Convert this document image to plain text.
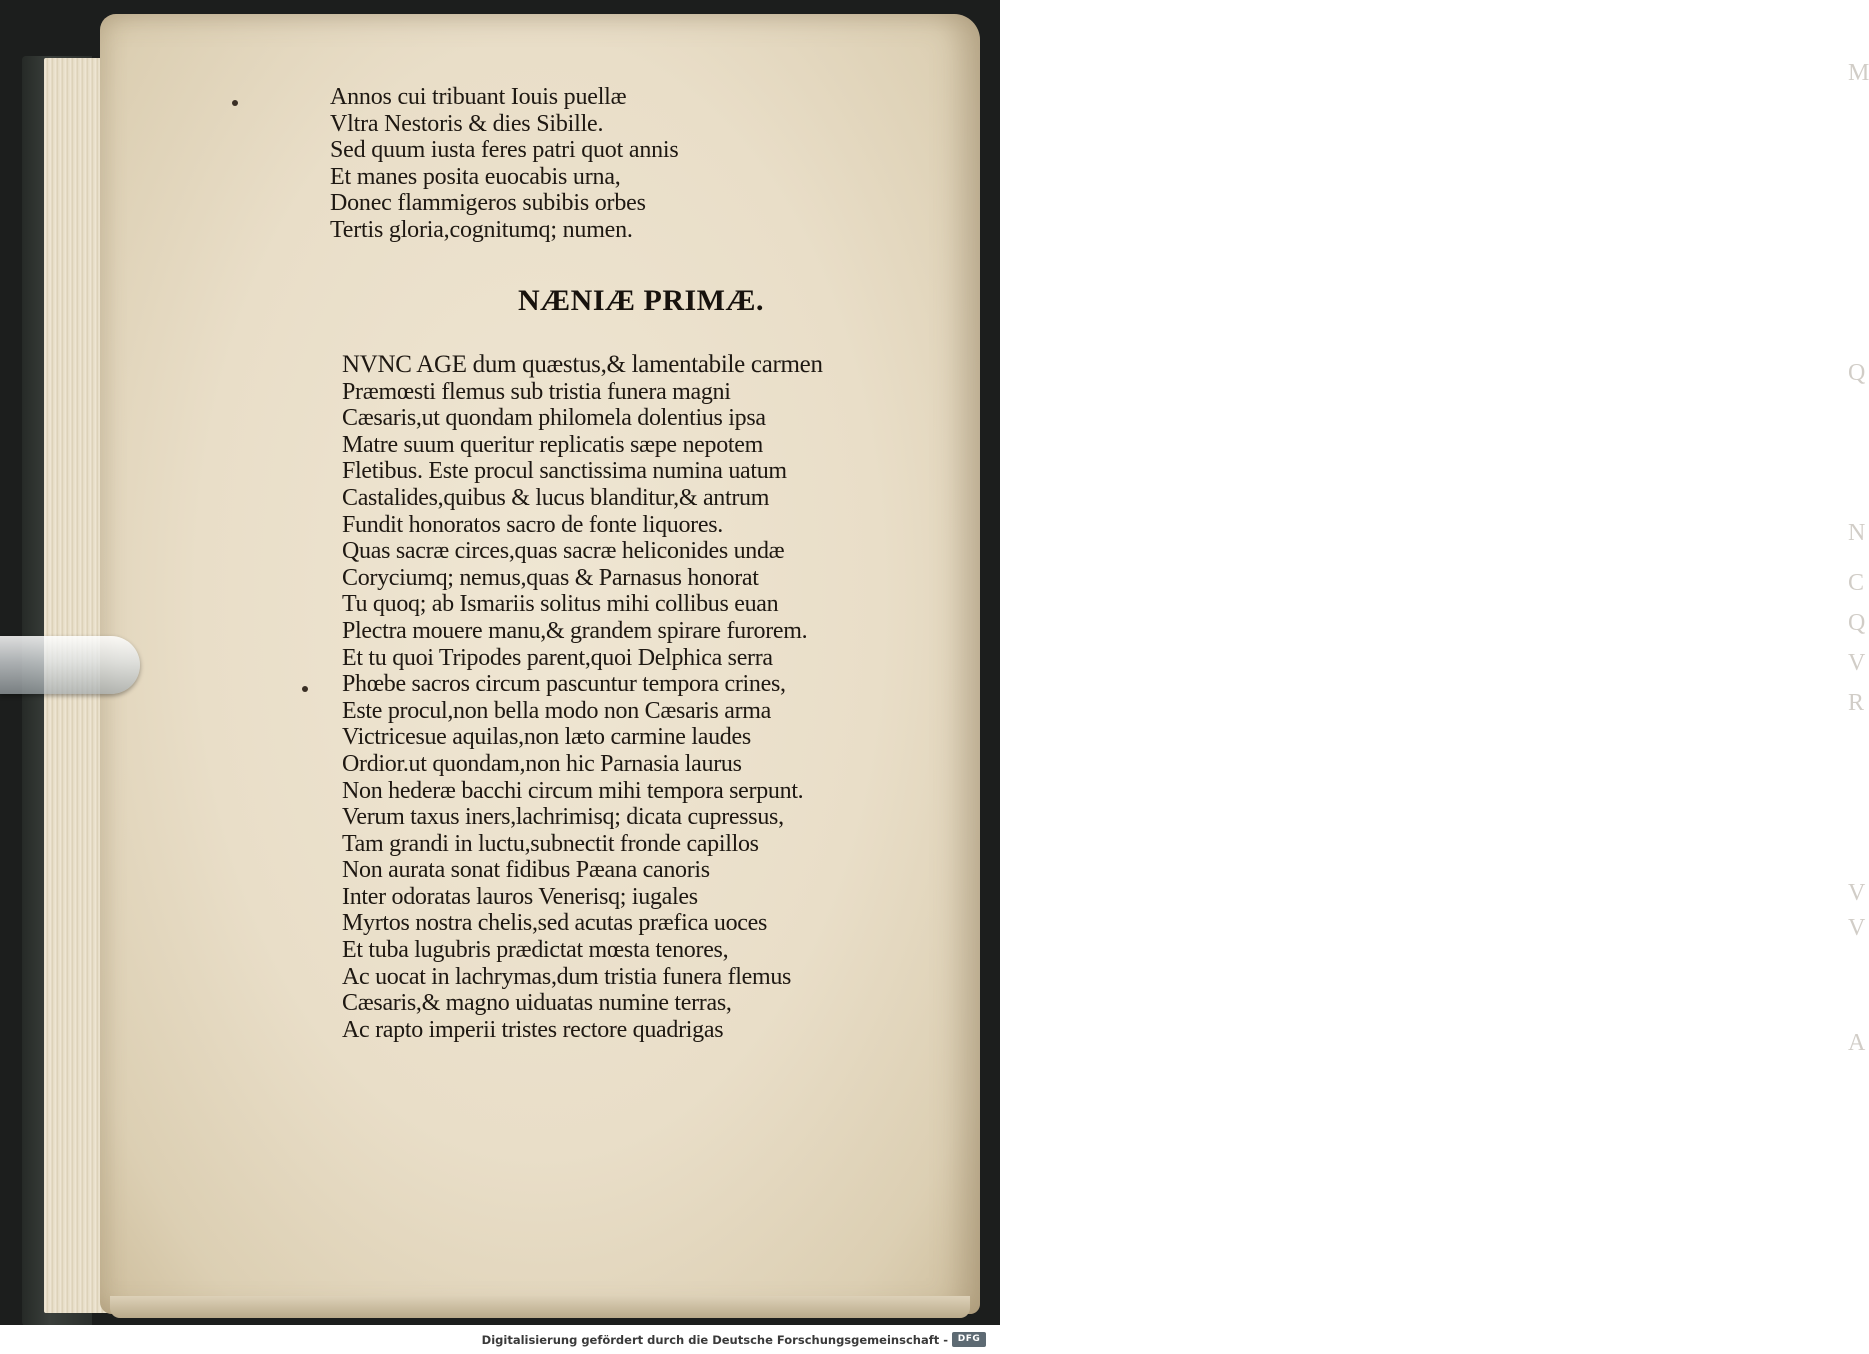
M
Q
N
C
Q
V
R
V
V
A
Annos cui tribuant Iouis puellæ
Vltra Nestoris & dies Sibille.
Sed quum iusta feres patri quot annis
Et manes posita euocabis urna,
Donec flammigeros subibis orbes
Tertis gloria,cognitumq; numen.
NÆNIÆ PRIMÆ.
NVNC AGE dum quæstus,& lamentabile carmen
Præmœsti flemus sub tristia funera magni
Cæsaris,ut quondam philomela dolentius ipsa
Matre suum queritur replicatis sæpe nepotem
Fletibus. Este procul sanctissima numina uatum
Castalides,quibus & lucus blanditur,& antrum
Fundit honoratos sacro de fonte liquores.
Quas sacræ circes,quas sacræ heliconides undæ
Coryciumq; nemus,quas & Parnasus honorat
Tu quoq; ab Ismariis solitus mihi collibus euan
Plectra mouere manu,& grandem spirare furorem.
Et tu quoi Tripodes parent,quoi Delphica serra
Phœbe sacros circum pascuntur tempora crines,
Este procul,non bella modo non Cæsaris arma
Victricesue aquilas,non læto carmine laudes
Ordior.ut quondam,non hic Parnasia laurus
Non hederæ bacchi circum mihi tempora serpunt.
Verum taxus iners,lachrimisq; dicata cupressus,
Tam grandi in luctu,subnectit fronde capillos
Non aurata sonat fidibus Pæana canoris
Inter odoratas lauros Venerisq; iugales
Myrtos nostra chelis,sed acutas præfica uoces
Et tuba lugubris prædictat mœsta tenores,
Ac uocat in lachrymas,dum tristia funera flemus
Cæsaris,& magno uiduatas numine terras,
Ac rapto imperii tristes rectore quadrigas
Digitalisierung gefördert durch die Deutsche Forschungsgemeinschaft -	DFG
